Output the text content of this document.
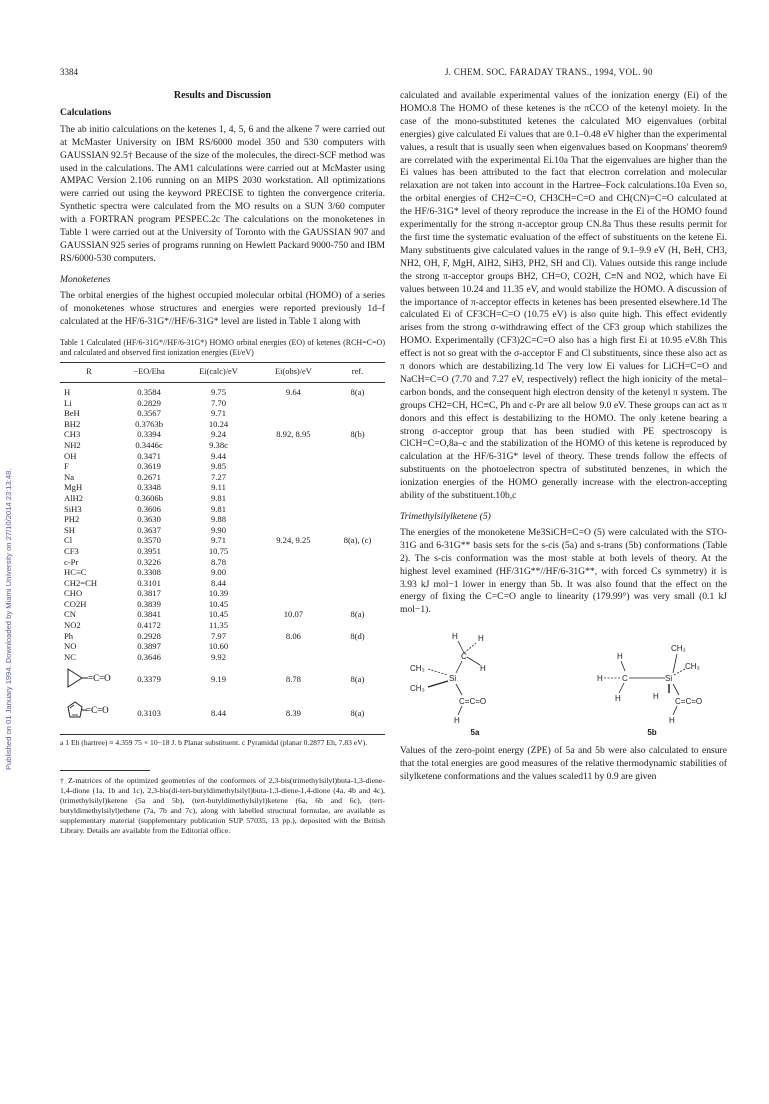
Published on 01 January 1994. Downloaded by Miami University on 27/10/2014 23:13:48.
3384	J. CHEM. SOC. FARADAY TRANS., 1994, VOL. 90
Results and Discussion
Calculations

The ab initio calculations on the ketenes 1, 4, 5, 6 and the alkene 7 were carried out at McMaster University on IBM RS/6000 model 350 and 530 computers with GAUSSIAN 92.5† Because of the size of the molecules, the direct-SCF method was used in the calculations. The AM1 calculations were carried out at McMaster using AMPAC Version 2.106 running on an MIPS 2030 workstation. All optimizations were carried out using the keyword PRECISE to tighten the convergence criteria. Synthetic spectra were calculated from the MO results on a SUN 3/60 computer with a FORTRAN program PESPEC.2c The calculations on the monoketenes in Table 1 were carried out at the University of Toronto with the GAUSSIAN 907 and GAUSSIAN 925 series of programs running on Hewlett Packard 9000-750 and IBM RS/6000-530 computers.

Monoketenes

The orbital energies of the highest occupied molecular orbital (HOMO) of a series of monoketenes whose structures and energies were reported previously 1d–f calculated at the HF/6-31G*//HF/6-31G* level are listed in Table 1 along with

Table 1 Calculated (HF/6-31G*//HF/6-31G*) HOMO orbital energies (EO) of ketenes (RCH=C=O) and calculated and observed first ionization energies (Ei/eV)
R	−EO/Eha	Ei(calc)/eV	Ei(obs)/eV	ref.
H	0.3584	9.75	9.64	8(a)
Li	0.2829	7.70		
BeH	0.3567	9.71		
BH2	0.3763b	10.24		
CH3	0.3394	9.24	8.92, 8.95	8(b)
NH2	0.3446c	9.38c		
OH	0.3471	9.44		
F	0.3619	9.85		
Na	0.2671	7.27		
MgH	0.3348	9.11		
AlH2	0.3606b	9.81		
SiH3	0.3606	9.81		
PH2	0.3630	9.88		
SH	0.3637	9.90		
Cl	0.3570	9.71	9.24, 9.25	8(a), (c)
CF3	0.3951	10.75		
c-Pr	0.3226	8.78		
HC≡C	0.3308	9.00		
CH2=CH	0.3101	8.44		
CHO	0.3817	10.39		
CO2H	0.3839	10.45		
CN	0.3841	10.45	10.07	8(a)
NO2	0.4172	11.35		
Ph	0.2928	7.97	8.06	8(d)
NO	0.3897	10.60		
NC	0.3646	9.92		

=C=O	0.3379	9.19	8.78	8(a)

=C=O	0.3103	8.44	8.39	8(a)
a 1 Eh (hartree) ≈ 4.359 75 × 10−18 J. b Planar substituent. c Pyramidal (planar 0.2877 Eh, 7.83 eV).
† Z-matrices of the optimized geometries of the conformers of 2,3-bis(trimethylsilyl)buta-1,3-diene-1,4-dione (1a, 1b and 1c), 2,3-bis(di-tert-butyldimethylsilyl)buta-1,3-diene-1,4-dione (4a, 4b and 4c), (trimethylsilyl)ketene (5a and 5b), (tert-butyldimethylsilyl)ketene (6a, 6b and 6c), (tert-butyldimethylsilyl)ethene (7a, 7b and 7c), along with labelled structural formulae, are available as supplementary material (supplementary publication SUP 57035, 13 pp.), deposited with the British Library. Details are available from the Editorial office.

calculated and available experimental values of the ionization energy (Ei) of the HOMO.8 The HOMO of these ketenes is the πCCO of the ketenyl moiety. In the case of the mono-substituted ketenes the calculated MO eigenvalues (orbital energies) give calculated Ei values that are 0.1–0.48 eV higher than the experimental values, a result that is usually seen when eigenvalues based on Koopmans' theorem9 are correlated with the experimental Ei.10a That the eigenvalues are higher than the Ei values has been attributed to the fact that electron correlation and molecular relaxation are not taken into account in the Hartree–Fock calculations.10a Even so, the orbital energies of CH2=C=O, CH3CH=C=O and CH(CN)=C=O calculated at the HF/6-31G* level of theory reproduce the increase in the Ei of the HOMO found experimentally for the strong π-acceptor group CN.8a Thus these results permit for the first time the systematic evaluation of the effect of substituents on the ketene Ei. Many substituents give calculated values in the range of 9.1–9.9 eV (H, BeH, CH3, NH2, OH, F, MgH, AlH2, SiH3, PH2, SH and Cl). Values outside this range include the strong π-acceptor groups BH2, CH=O, CO2H, C≡N and NO2, which have Ei values between 10.24 and 11.35 eV, and would stabilize the HOMO. A discussion of the importance of π-acceptor effects in ketenes has been presented elsewhere.1d The calculated Ei of CF3CH=C=O (10.75 eV) is also quite high. This effect evidently arises from the strong σ-withdrawing effect of the CF3 group which stabilizes the HOMO. Experimentally (CF3)2C=C=O also has a high first Ei at 10.95 eV.8h This effect is not so great with the σ-acceptor F and Cl substituents, since these also act as π donors which are destabilizing.1d The very low Ei values for LiCH=C=O and NaCH=C=O (7.70 and 7.27 eV, respectively) reflect the high ionicity of the metal–carbon bonds, and the consequent high electron density of the ketenyl π system. The groups CH2=CH, HC≡C, Ph and c-Pr are all below 9.0 eV. These groups can act as π donors and this effect is destabilizing to the HOMO. The only ketene bearing a strong σ-acceptor group that has been studied with PE spectroscopy is ClCH=C=O,8a–c and the stabilization of the HOMO of this ketene is reproduced by calculation at the HF/6-31G* level of theory. These trends follow the effects of substituents on the photoelectron spectra of substituted benzenes, in which the ionization energies of the HOMO generally increase with the electron-accepting ability of the substituent.10b,c

Trimethylsilylketene (5)

The energies of the monoketene Me3SiCH=C=O (5) were calculated with the STO-31G and 6-31G** basis sets for the s-cis (5a) and s-trans (5b) conformations (Table 2). The s-cis conformation was the most stable at both levels of theory. At the highest level examined (HF/31G**//HF/6-31G**, with forced Cs symmetry) it is 3.93 kJ mol−1 lower in energy than 5b. It was also found that the effect on the energy of fixing the C=C=O angle to linearity (179.99°) was very small (0.1 kJ mol−1).

H	H
C
H
CH₃
Si
CH₃
C=C=O
H
5a
CH₃
H
H C	Si
CH₃
H	H
C=C=O
H
5b

Values of the zero-point energy (ZPE) of 5a and 5b were also calculated to ensure that the total energies are good measures of the relative thermodynamic stabilities of silylketene conformations and the values scaled11 by 0.9 are given
